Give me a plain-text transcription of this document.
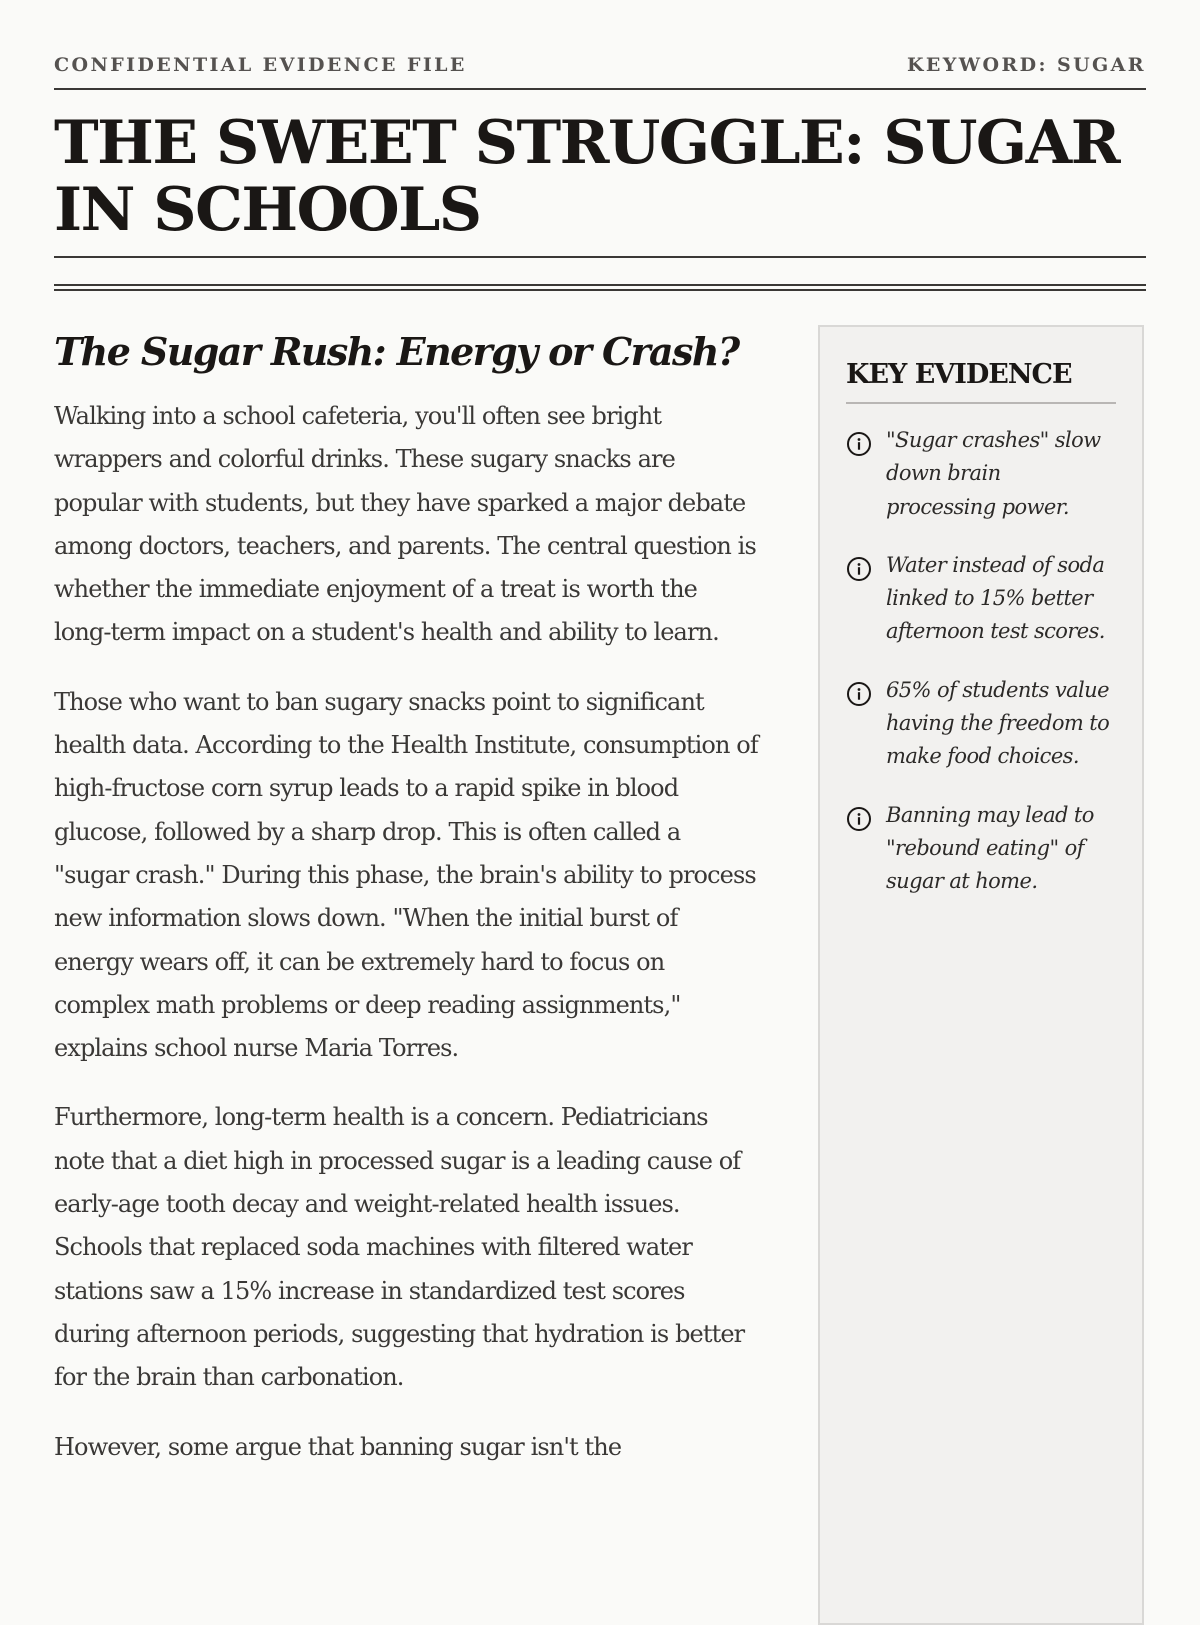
CONFIDENTIAL EVIDENCE FILE	KEYWORD: SUGAR
THE SWEET STRUGGLE: SUGAR IN SCHOOLS
The Sugar Rush: Energy or Crash?

Walking into a school cafeteria, you'll often see bright wrappers and colorful drinks. These sugary snacks are popular with students, but they have sparked a major debate among doctors, teachers, and parents. The central question is whether the immediate enjoyment of a treat is worth the long-term impact on a student's health and ability to learn.

Those who want to ban sugary snacks point to significant health data. According to the Health Institute, consumption of high-fructose corn syrup leads to a rapid spike in blood glucose, followed by a sharp drop. This is often called a "sugar crash." During this phase, the brain's ability to process new information slows down. "When the initial burst of energy wears off, it can be extremely hard to focus on complex math problems or deep reading assignments," explains school nurse Maria Torres.

Furthermore, long-term health is a concern. Pediatricians note that a diet high in processed sugar is a leading cause of early-age tooth decay and weight-related health issues. Schools that replaced soda machines with filtered water stations saw a 15% increase in standardized test scores during afternoon periods, suggesting that hydration is better for the brain than carbonation.

However, some argue that banning sugar isn't the

KEY EVIDENCE
"Sugar crashes" slow down brain processing power.
Water instead of soda linked to 15% better afternoon test scores.
65% of students value having the freedom to make food choices.
Banning may lead to "rebound eating" of sugar at home.
